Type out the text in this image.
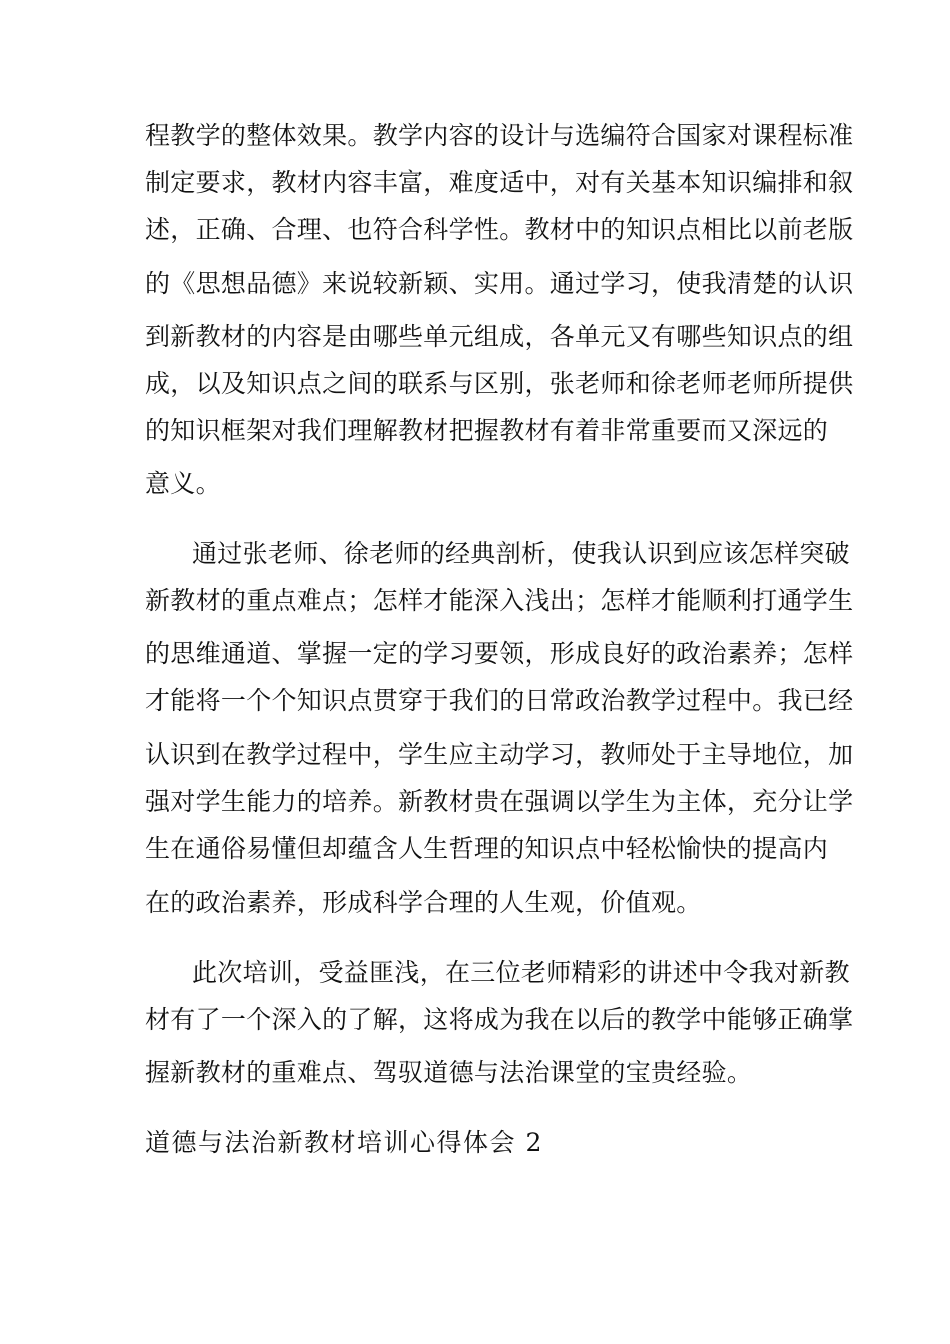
程教学的整体效果。教学内容的设计与选编符合国家对课程标准
制定要求，教材内容丰富，难度适中，对有关基本知识编排和叙
述，正确、合理、也符合科学性。教材中的知识点相比以前老版
的《思想品德》来说较新颖、实用。通过学习，使我清楚的认识
到新教材的内容是由哪些单元组成，各单元又有哪些知识点的组
成，以及知识点之间的联系与区别，张老师和徐老师老师所提供
的知识框架对我们理解教材把握教材有着非常重要而又深远的
意义。
通过张老师、徐老师的经典剖析，使我认识到应该怎样突破
新教材的重点难点；怎样才能深入浅出；怎样才能顺利打通学生
的思维通道、掌握一定的学习要领，形成良好的政治素养；怎样
才能将一个个知识点贯穿于我们的日常政治教学过程中。我已经
认识到在教学过程中，学生应主动学习，教师处于主导地位，加
强对学生能力的培养。新教材贵在强调以学生为主体，充分让学
生在通俗易懂但却蕴含人生哲理的知识点中轻松愉快的提高内
在的政治素养，形成科学合理的人生观，价值观。
此次培训，受益匪浅，在三位老师精彩的讲述中令我对新教
材有了一个深入的了解，这将成为我在以后的教学中能够正确掌
握新教材的重难点、驾驭道德与法治课堂的宝贵经验。
道德与法治新教材培训心得体会 2
